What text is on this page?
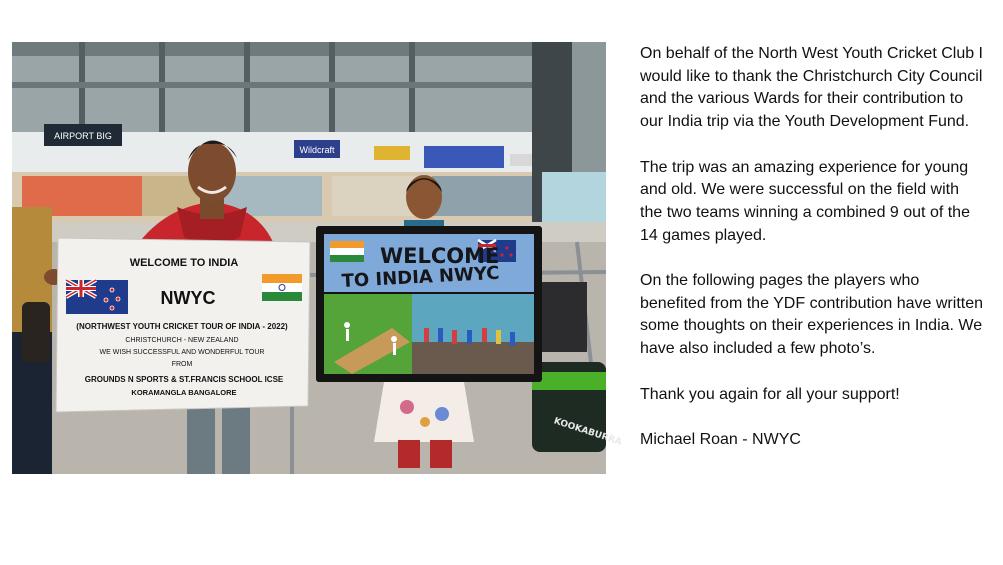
AIRPORT BIG
Wildcraft
KOOKABURRA
WELCOME TO INDIA
NWYC
(NORTHWEST YOUTH CRICKET TOUR OF INDIA - 2022)
CHRISTCHURCH - NEW ZEALAND
WE WISH SUCCESSFUL AND WONDERFUL TOUR
FROM
GROUNDS N SPORTS & ST.FRANCIS SCHOOL ICSE
KORAMANGLA BANGALORE
WELCOME
TO INDIA NWYC

On behalf of the North West Youth Cricket Club I would like to thank the Christchurch City Council and the various Wards for their contribution to our India trip via the Youth Development Fund.

The trip was an amazing experience for young and old. We were successful on the field with the two teams winning a combined 9 out of the 14 games played.

On the following pages the players who benefited from the YDF contribution have written some thoughts on their experiences in India. We have also included a few photo’s.

Thank you again for all your support!

Michael Roan - NWYC
